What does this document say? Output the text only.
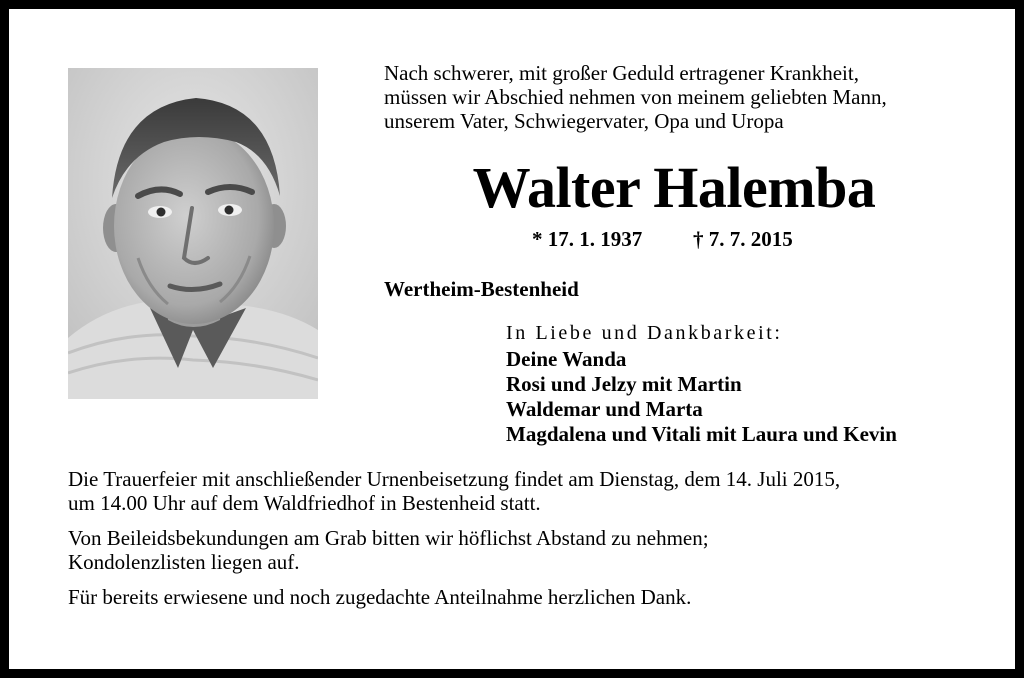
Nach schwerer, mit großer Geduld ertragener Krankheit,
müssen wir Abschied nehmen von meinem geliebten Mann,
unserem Vater, Schwiegervater, Opa und Uropa
Walter Halemba
* 17. 1. 1937 † 7. 7. 2015
Wertheim-Bestenheid
In Liebe und Dankbarkeit:
Deine Wanda
Rosi und Jelzy mit Martin
Waldemar und Marta
Magdalena und Vitali mit Laura und Kevin
Die Trauerfeier mit anschließender Urnenbeisetzung findet am Dienstag, dem 14. Juli 2015,
um 14.00 Uhr auf dem Waldfriedhof in Bestenheid statt.
Von Beileidsbekundungen am Grab bitten wir höflichst Abstand zu nehmen;
Kondolenzlisten liegen auf.
Für bereits erwiesene und noch zugedachte Anteilnahme herzlichen Dank.
